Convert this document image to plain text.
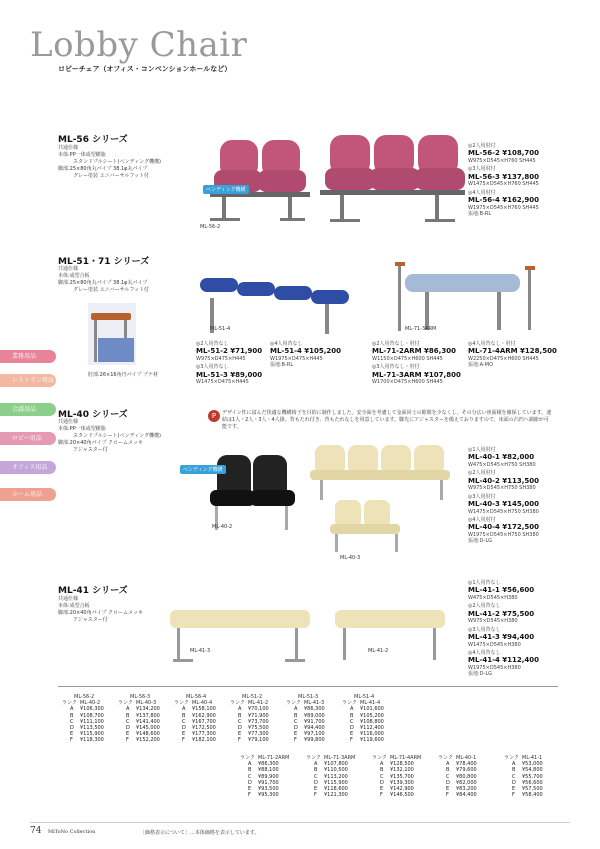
Lobby Chair
ロビーチェア（オフィス・コンベンションホールなど）
業務用品
レストラン用品
会議用品
ロビー用品
オフィス用品
ホーム用品
ML-56 シリーズ
共通仕様
本体:PP一体成型樹脂
　　　スタンドプルシート(ペンディング機構)
脚部:25×80角丸パイプ 38.1φ丸パイプ
　　　グレー塗装 ユニバーサルフット付
ペンディング機構
ML-56-2
◎2人用肘付
ML-56-2 ¥108,700
W975×D545×H760 SH445
◎3人用肘付
ML-56-3 ¥137,800
W1475×D545×H760 SH445
◎4人用肘付
ML-56-4 ¥162,900
W1975×D545×H760 SH445
張地:B-RL
ML-51・71 シリーズ
共通仕様
本体:成型合板
脚部:25×80角丸パイプ 38.1φ丸パイプ
　　　グレー塗装 ユニバーサルフット付
肘部:26×16角円パイプ プナ材
ML-51-4	ML-71-3ARM
◎2人用背なし
ML-51-2 ¥71,900
W975×D475×H445
◎3人用背なし
ML-51-3 ¥89,000
W1475×D475×H445
◎4人用背なし
ML-51-4 ¥105,200
W1975×D475×H445
張地:B-RL
◎2人用背なし・肘付
ML-71-2ARM ¥86,300
W1150×D475×H600 SH445
◎3人用背なし・肘付
ML-71-3ARM ¥107,800
W1700×D475×H600 SH445
◎4人用背なし・肘付
ML-71-4ARM ¥128,500
W2250×D475×H600 SH445
張地:A-MO
ML-40 シリーズ
共通仕様
本体:PP一体成型樹脂
　　　スタンドプルシート(ペンディング機構)
脚部:20×40角パイプ クロームメッキ
　　　アジャスター付
P	デザイン性に富んだ快適な機構椅子を目的に制作しました。安全面を考慮して金面同士の隙間を少なくし、その分広い座面積を確保しています。連結は1人・2人・3人・4人掛。背もたれ付き、背もたれなしを用意しています。脚先にアジャスターを備えておりますので、床面の凸凹へ調節が可能です。
ペンディング機構
ML-40-2
ML-40-3
◎1人用肘付
ML-40-1 ¥82,000
W475×D545×H750 SH380
◎2人用肘付
ML-40-2 ¥113,500
W975×D545×H750 SH380
◎3人用肘付
ML-40-3 ¥145,000
W1475×D545×H750 SH380
◎4人用肘付
ML-40-4 ¥172,500
W1975×D545×H750 SH380
張地:D-LG
ML-41 シリーズ
共通仕様
本体:成型合板
脚部:20×40角パイプ クロームメッキ
　　　アジャスター付
ML-41-3	ML-41-2
◎1人用背なし
ML-41-1 ¥56,600
W475×D545×H380
◎2人用背なし
ML-41-2 ¥75,500
W975×D545×H380
◎3人用背なし
ML-41-3 ¥94,400
W1475×D545×H380
◎4人用背なし
ML-41-4 ¥112,400
W1975×D545×H380
張地:D-LG
ML-56-2
ランク ML-40-2
A	¥106,300
B	¥108,700
C	¥111,100
D	¥113,500
E	¥115,900
F	¥118,300
ML-56-3
ランク ML-40-3
A	¥134,200
B	¥137,800
C	¥141,400
D	¥145,000
E	¥148,600
F	¥152,200
ML-56-4
ランク ML-40-4
A	¥158,100
B	¥162,900
C	¥167,700
D	¥172,500
E	¥177,300
F	¥182,100
ML-51-2
ランク ML-41-2
A	¥70,100
B	¥71,900
C	¥73,700
D	¥75,500
E	¥77,300
F	¥79,100
ML-51-3
ランク ML-41-3
A	¥86,300
B	¥89,000
C	¥91,700
D	¥94,400
E	¥97,100
F	¥99,800
ML-51-4
ランク ML-41-4
A	¥101,600
B	¥105,200
C	¥108,800
D	¥112,400
E	¥116,000
F	¥119,600
ランク ML-71-2ARM
A	¥86,300
B	¥88,100
C	¥89,900
D	¥91,700
E	¥93,500
F	¥95,300
ランク ML-71-3ARM
A	¥107,800
B	¥110,500
C	¥113,200
D	¥115,900
E	¥118,600
F	¥121,300
ランク ML-71-4ARM
A	¥128,500
B	¥132,100
C	¥135,700
D	¥139,300
E	¥142,900
F	¥146,500
ランク ML-40-1
A	¥78,400
B	¥79,600
C	¥80,800
D	¥82,000
E	¥83,200
F	¥84,400
ランク ML-41-1
A	¥53,000
B	¥54,800
C	¥55,700
D	¥56,600
E	¥57,500
F	¥58,400
74 MiToNo Collection	［価格表示について］…本体価格を表示しています。
